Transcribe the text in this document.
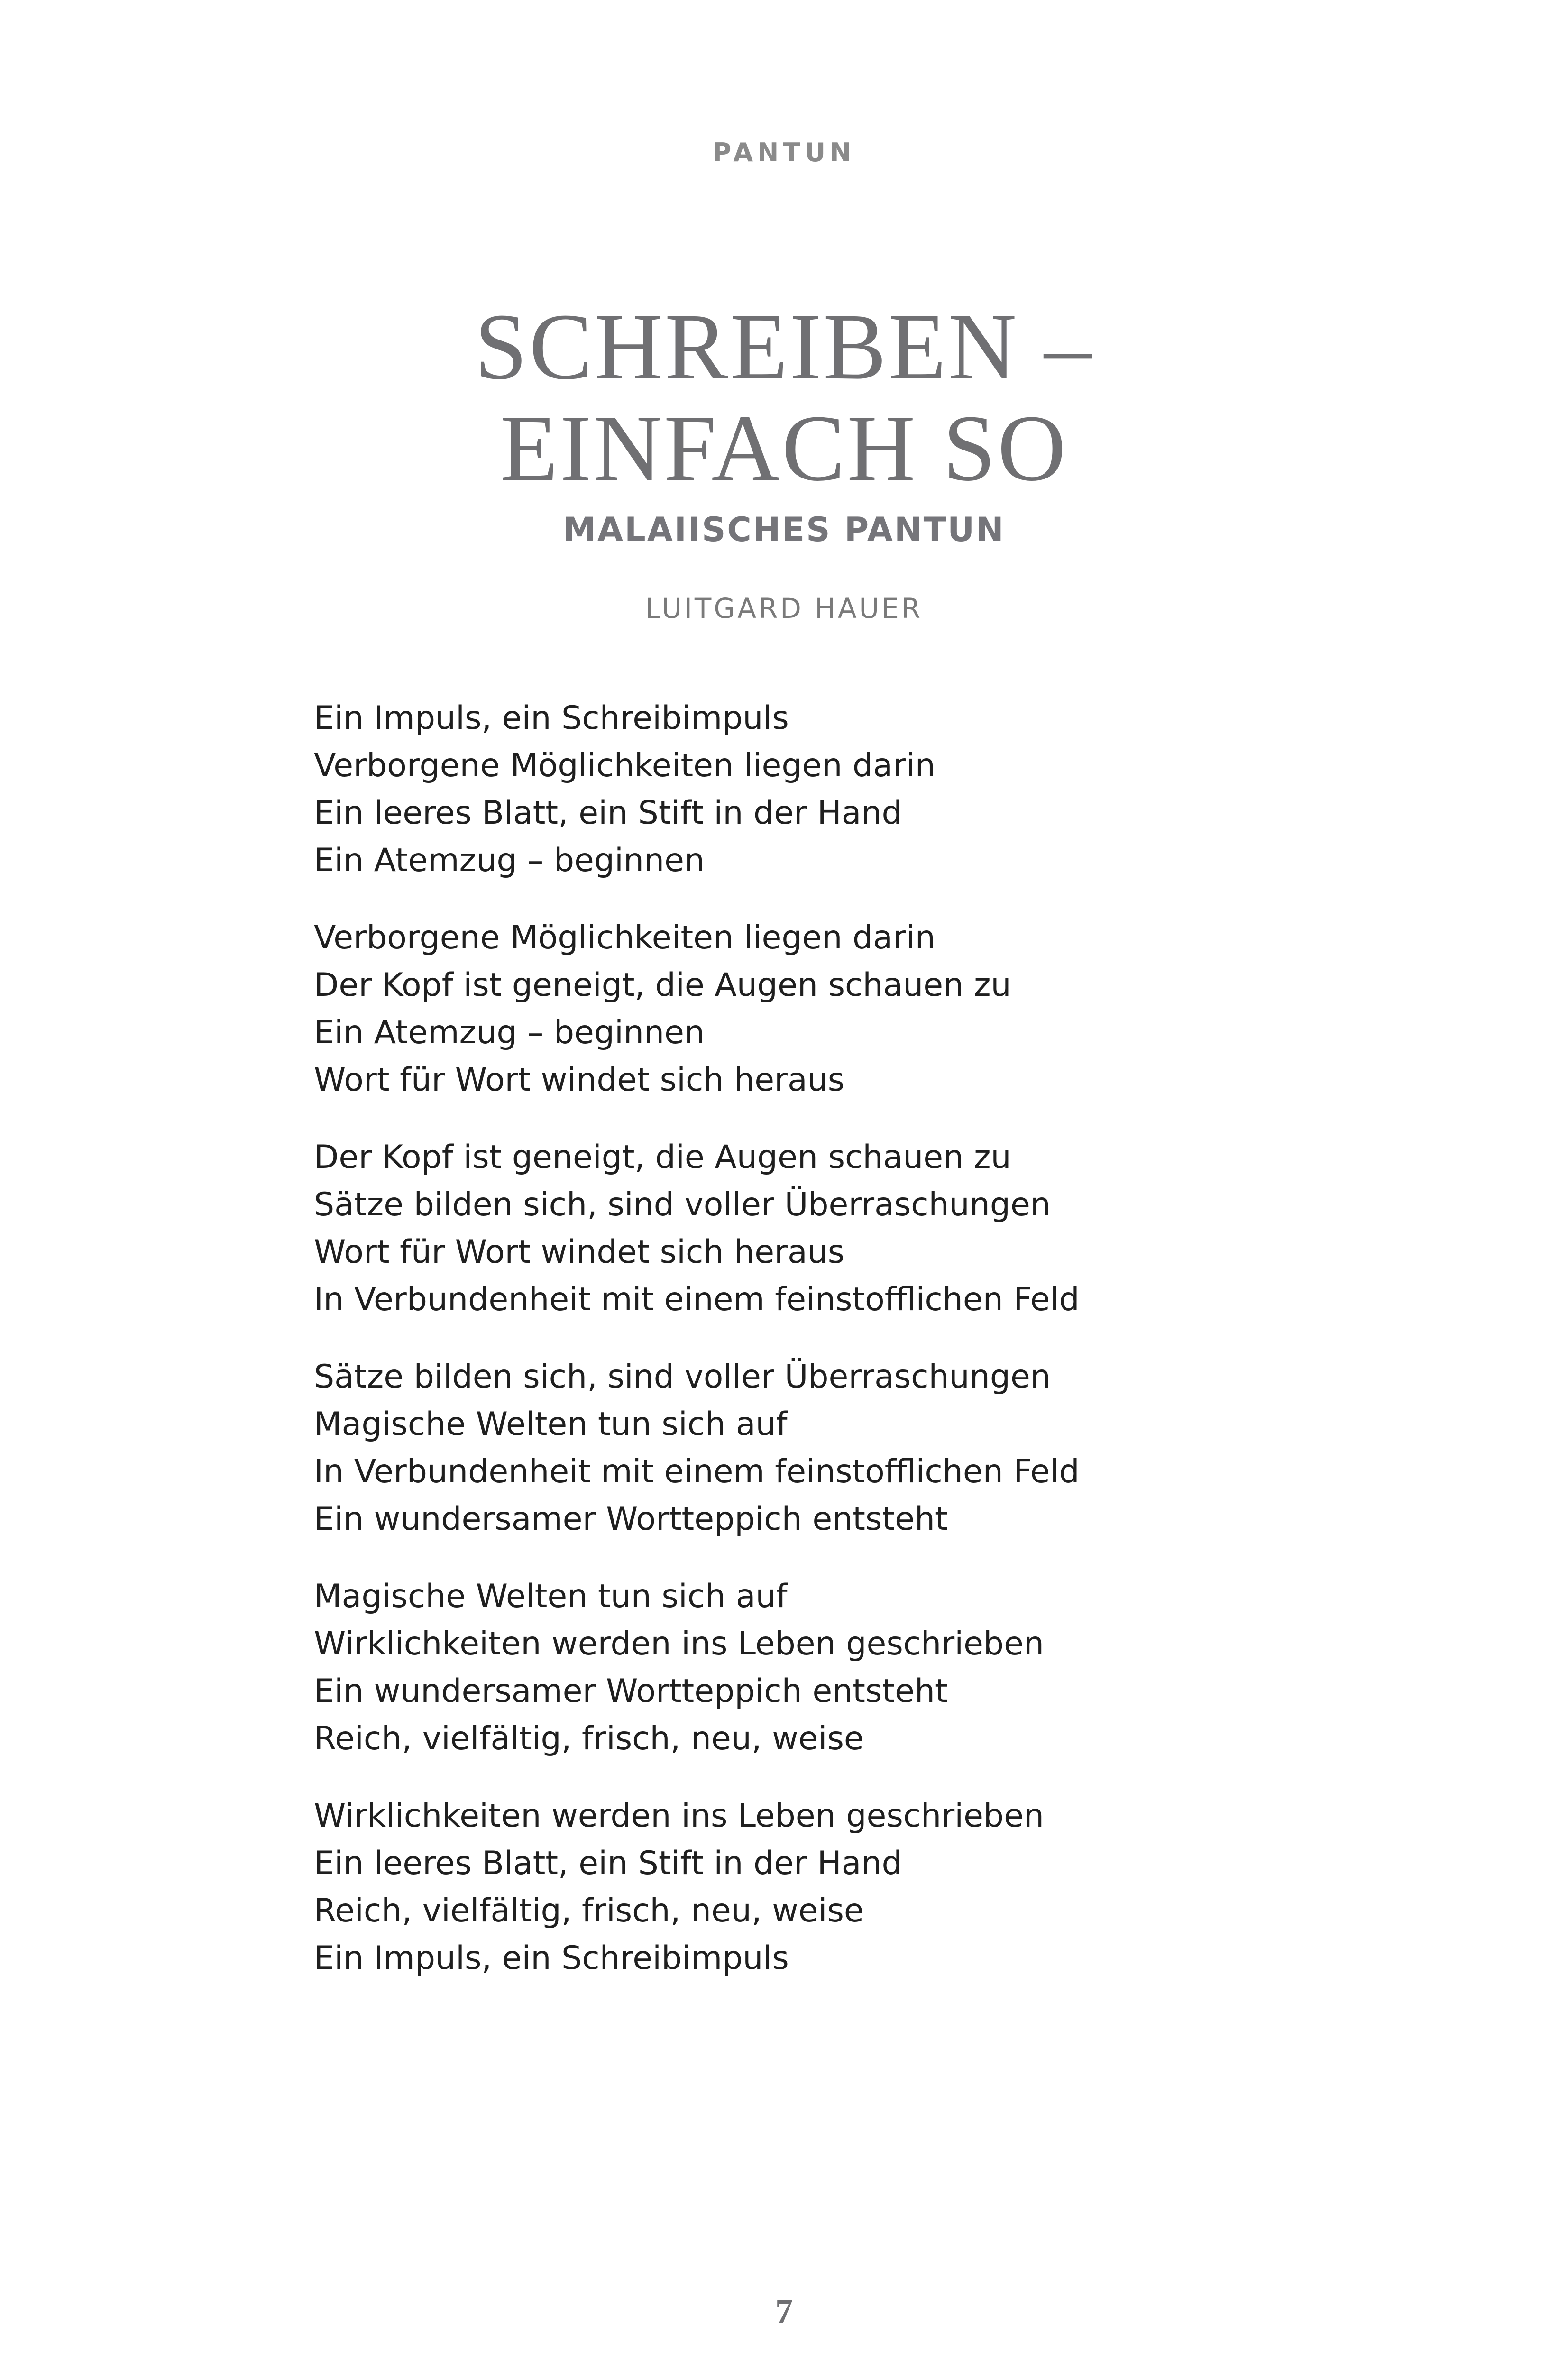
PANTUN
SCHREIBEN –
EINFACH SO
MALAIISCHES PANTUN
LUITGARD HAUER
Ein Impuls, ein Schreibimpuls
Verborgene Möglichkeiten liegen darin
Ein leeres Blatt, ein Stift in der Hand
Ein Atemzug – beginnen
Verborgene Möglichkeiten liegen darin
Der Kopf ist geneigt, die Augen schauen zu
Ein Atemzug – beginnen
Wort für Wort windet sich heraus
Der Kopf ist geneigt, die Augen schauen zu
Sätze bilden sich, sind voller Überraschungen
Wort für Wort windet sich heraus
In Verbundenheit mit einem feinstofflichen Feld
Sätze bilden sich, sind voller Überraschungen
Magische Welten tun sich auf
In Verbundenheit mit einem feinstofflichen Feld
Ein wundersamer Wortteppich entsteht
Magische Welten tun sich auf
Wirklichkeiten werden ins Leben geschrieben
Ein wundersamer Wortteppich entsteht
Reich, vielfältig, frisch, neu, weise
Wirklichkeiten werden ins Leben geschrieben
Ein leeres Blatt, ein Stift in der Hand
Reich, vielfältig, frisch, neu, weise
Ein Impuls, ein Schreibimpuls
7
